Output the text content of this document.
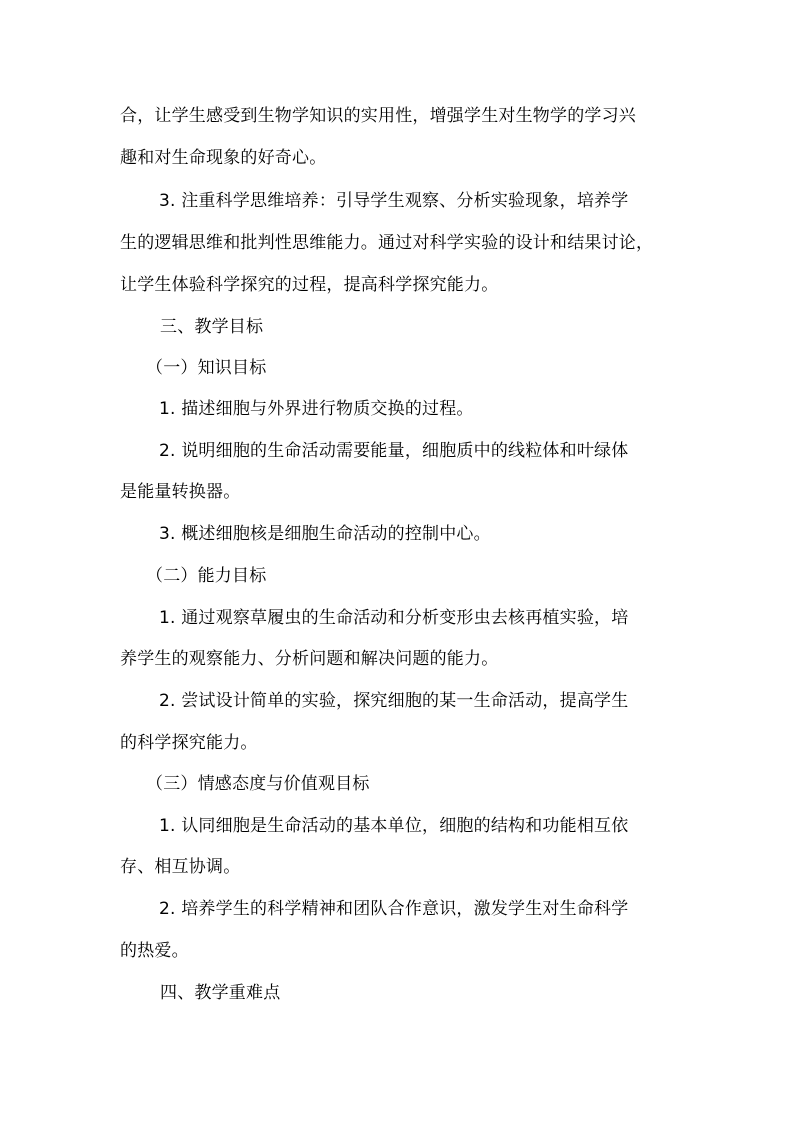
合，让学生感受到生物学知识的实用性，增强学生对生物学的学习兴
趣和对生命现象的好奇心。
3. 注重科学思维培养：引导学生观察、分析实验现象，培养学
生的逻辑思维和批判性思维能力。通过对科学实验的设计和结果讨论，
让学生体验科学探究的过程，提高科学探究能力。
三、教学目标
（一）知识目标
1. 描述细胞与外界进行物质交换的过程。
2. 说明细胞的生命活动需要能量，细胞质中的线粒体和叶绿体
是能量转换器。
3. 概述细胞核是细胞生命活动的控制中心。
（二）能力目标
1. 通过观察草履虫的生命活动和分析变形虫去核再植实验，培
养学生的观察能力、分析问题和解决问题的能力。
2. 尝试设计简单的实验，探究细胞的某一生命活动，提高学生
的科学探究能力。
（三）情感态度与价值观目标
1. 认同细胞是生命活动的基本单位，细胞的结构和功能相互依
存、相互协调。
2. 培养学生的科学精神和团队合作意识，激发学生对生命科学
的热爱。
四、教学重难点
